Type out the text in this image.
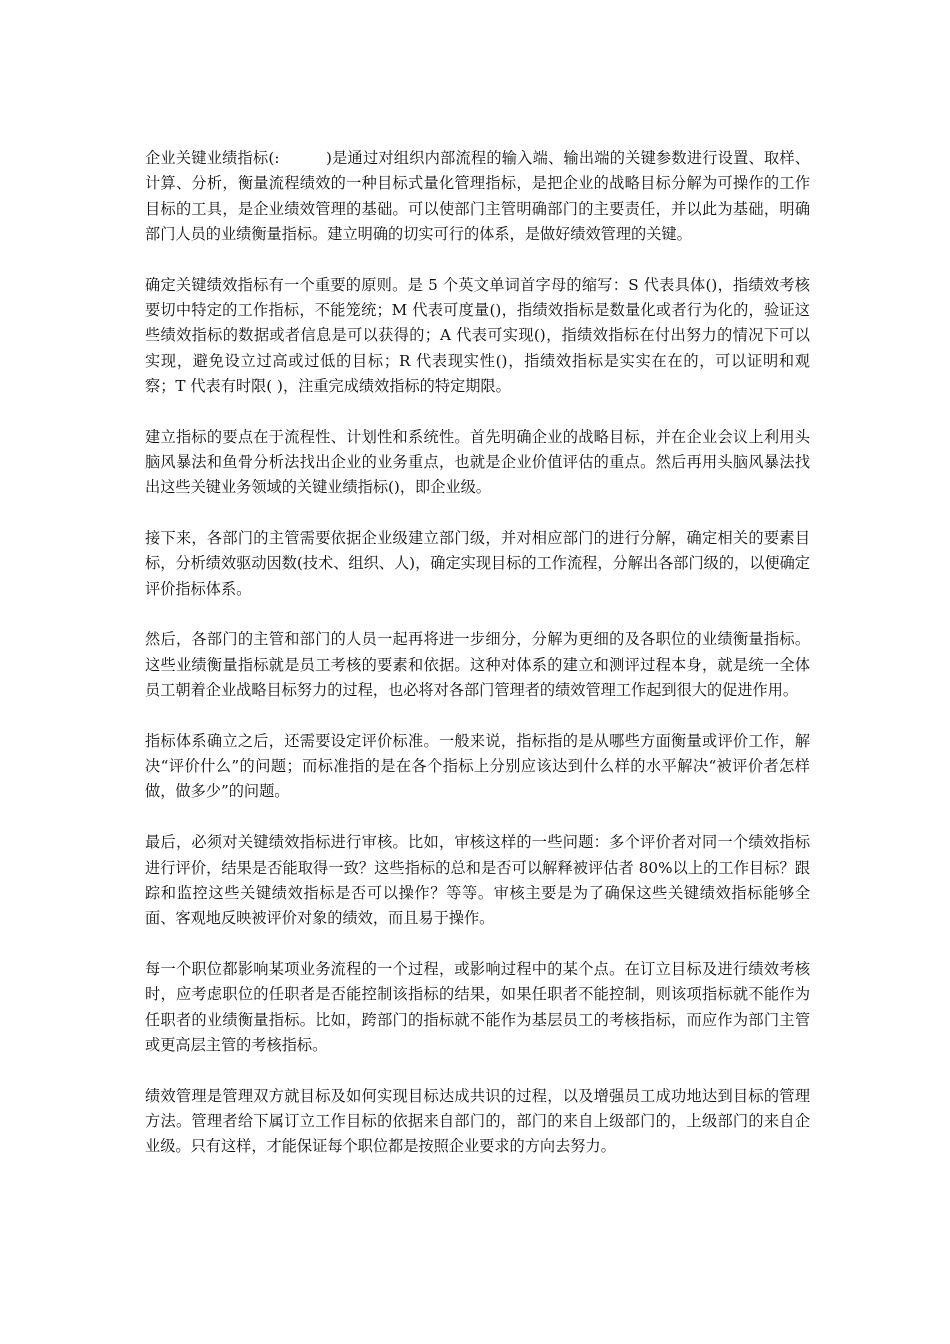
企业关键业绩指标(:　　　)是通过对组织内部流程的输入端、输出端的关键参数进行设置、取样、计算、分析，衡量流程绩效的一种目标式量化管理指标，是把企业的战略目标分解为可操作的工作目标的工具，是企业绩效管理的基础。可以使部门主管明确部门的主要责任，并以此为基础，明确部门人员的业绩衡量指标。建立明确的切实可行的体系，是做好绩效管理的关键。

确定关键绩效指标有一个重要的原则。是 5 个英文单词首字母的缩写：S 代表具体()，指绩效考核要切中特定的工作指标，不能笼统；M 代表可度量()，指绩效指标是数量化或者行为化的，验证这些绩效指标的数据或者信息是可以获得的；A 代表可实现()，指绩效指标在付出努力的情况下可以实现，避免设立过高或过低的目标；R 代表现实性()，指绩效指标是实实在在的，可以证明和观察；T 代表有时限( )，注重完成绩效指标的特定期限。

建立指标的要点在于流程性、计划性和系统性。首先明确企业的战略目标，并在企业会议上利用头脑风暴法和鱼骨分析法找出企业的业务重点，也就是企业价值评估的重点。然后再用头脑风暴法找出这些关键业务领域的关键业绩指标()，即企业级。

接下来，各部门的主管需要依据企业级建立部门级，并对相应部门的进行分解，确定相关的要素目标，分析绩效驱动因数(技术、组织、人)，确定实现目标的工作流程，分解出各部门级的，以便确定评价指标体系。

然后，各部门的主管和部门的人员一起再将进一步细分，分解为更细的及各职位的业绩衡量指标。这些业绩衡量指标就是员工考核的要素和依据。这种对体系的建立和测评过程本身，就是统一全体员工朝着企业战略目标努力的过程，也必将对各部门管理者的绩效管理工作起到很大的促进作用。

指标体系确立之后，还需要设定评价标准。一般来说，指标指的是从哪些方面衡量或评价工作，解决“评价什么”的问题；而标准指的是在各个指标上分别应该达到什么样的水平解决“被评价者怎样做，做多少”的问题。

最后，必须对关键绩效指标进行审核。比如，审核这样的一些问题：多个评价者对同一个绩效指标进行评价，结果是否能取得一致？这些指标的总和是否可以解释被评估者 80%以上的工作目标？跟踪和监控这些关键绩效指标是否可以操作？等等。审核主要是为了确保这些关键绩效指标能够全面、客观地反映被评价对象的绩效，而且易于操作。

每一个职位都影响某项业务流程的一个过程，或影响过程中的某个点。在订立目标及进行绩效考核时，应考虑职位的任职者是否能控制该指标的结果，如果任职者不能控制，则该项指标就不能作为任职者的业绩衡量指标。比如，跨部门的指标就不能作为基层员工的考核指标，而应作为部门主管或更高层主管的考核指标。

绩效管理是管理双方就目标及如何实现目标达成共识的过程，以及增强员工成功地达到目标的管理方法。管理者给下属订立工作目标的依据来自部门的，部门的来自上级部门的，上级部门的来自企业级。只有这样，才能保证每个职位都是按照企业要求的方向去努力。
